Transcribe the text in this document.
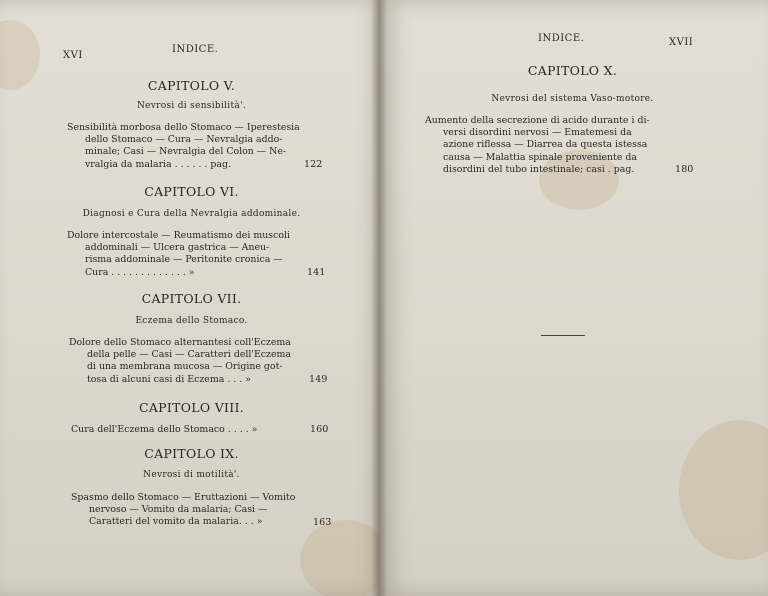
XVI
INDICE.
CAPITOLO V.
Nevrosi di sensibilità'.
Sensibilità morbosa dello Stomaco — Iperestesia
dello Stomaco — Cura — Nevralgia addo-
minale; Casi — Nevralgia del Colon — Ne-
vralgia da malaria . . . . . . pag.	122
CAPITOLO VI.
Diagnosi e Cura della Nevralgia addominale.
Dolore intercostale — Reumatismo dei muscoli
addominali — Ulcera gastrica — Aneu-
risma addominale — Peritonite cronica —
Cura . . . . . . . . . . . . . »	141
CAPITOLO VII.
Eczema dello Stomaco.
Dolore dello Stomaco alternantesi coll'Eczema
della pelle — Casi — Caratteri dell'Eczema
di una membrana mucosa — Origine got-
tosa di alcuni casi di Eczema . . . »	149
CAPITOLO VIII.
Cura dell'Eczema dello Stomaco . . . . »	160
CAPITOLO IX.
Nevrosi di motilità'.
Spasmo dello Stomaco — Eruttazioni — Vomito
nervoso — Vomito da malaria; Casi —
Caratteri del vomito da malaria. . . »	163
INDICE.	XVII
CAPITOLO X.
Nevrosi del sistema Vaso-motore.
Aumento della secrezione di acido durante i di-
versi disordini nervosi — Ematemesi da
azione riflessa — Diarrea da questa istessa
causa — Malattia spinale proveniente da
disordini del tubo intestinale; casi . pag.	180
